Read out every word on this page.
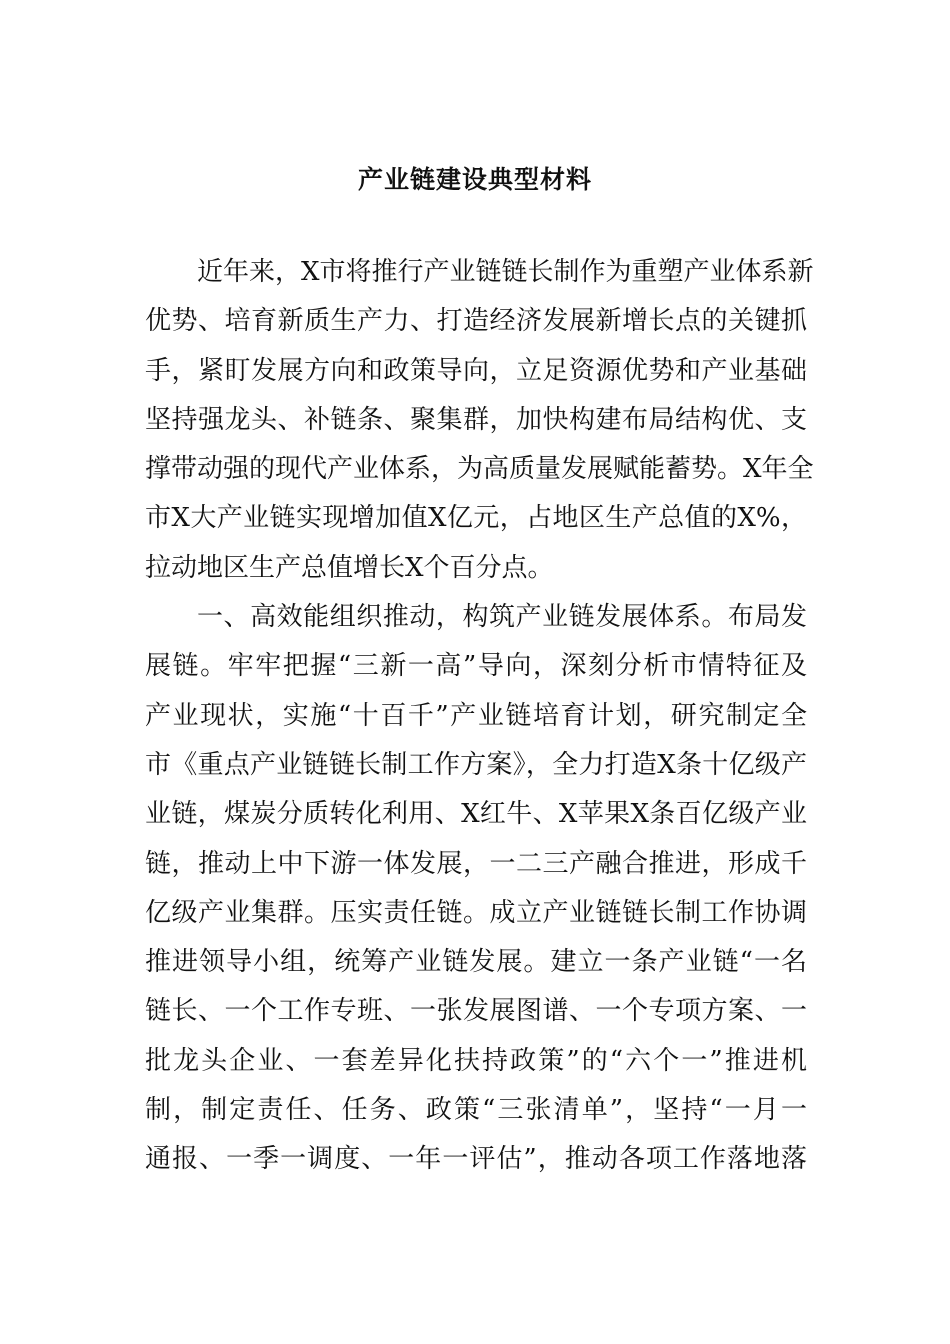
产业链建设典型材料
近年来，X市将推行产业链链长制作为重塑产业体系新
优势、培育新质生产力、打造经济发展新增长点的关键抓
手，紧盯发展方向和政策导向，立足资源优势和产业基础
坚持强龙头、补链条、聚集群，加快构建布局结构优、支
撑带动强的现代产业体系，为高质量发展赋能蓄势。X年全
市X大产业链实现增加值X亿元，占地区生产总值的X%，
拉动地区生产总值增长X个百分点。
一、高效能组织推动，构筑产业链发展体系。布局发
展链。牢牢把握“三新一高”导向，深刻分析市情特征及
产业现状，实施“十百千”产业链培育计划，研究制定全
市《重点产业链链长制工作方案》，全力打造X条十亿级产
业链，煤炭分质转化利用、X红牛、X苹果X条百亿级产业
链，推动上中下游一体发展，一二三产融合推进，形成千
亿级产业集群。压实责任链。成立产业链链长制工作协调
推进领导小组，统筹产业链发展。建立一条产业链“一名
链长、一个工作专班、一张发展图谱、一个专项方案、一
批龙头企业、一套差异化扶持政策”的“六个一”推进机
制，制定责任、任务、政策“三张清单”，坚持“一月一
通报、一季一调度、一年一评估”，推动各项工作落地落
